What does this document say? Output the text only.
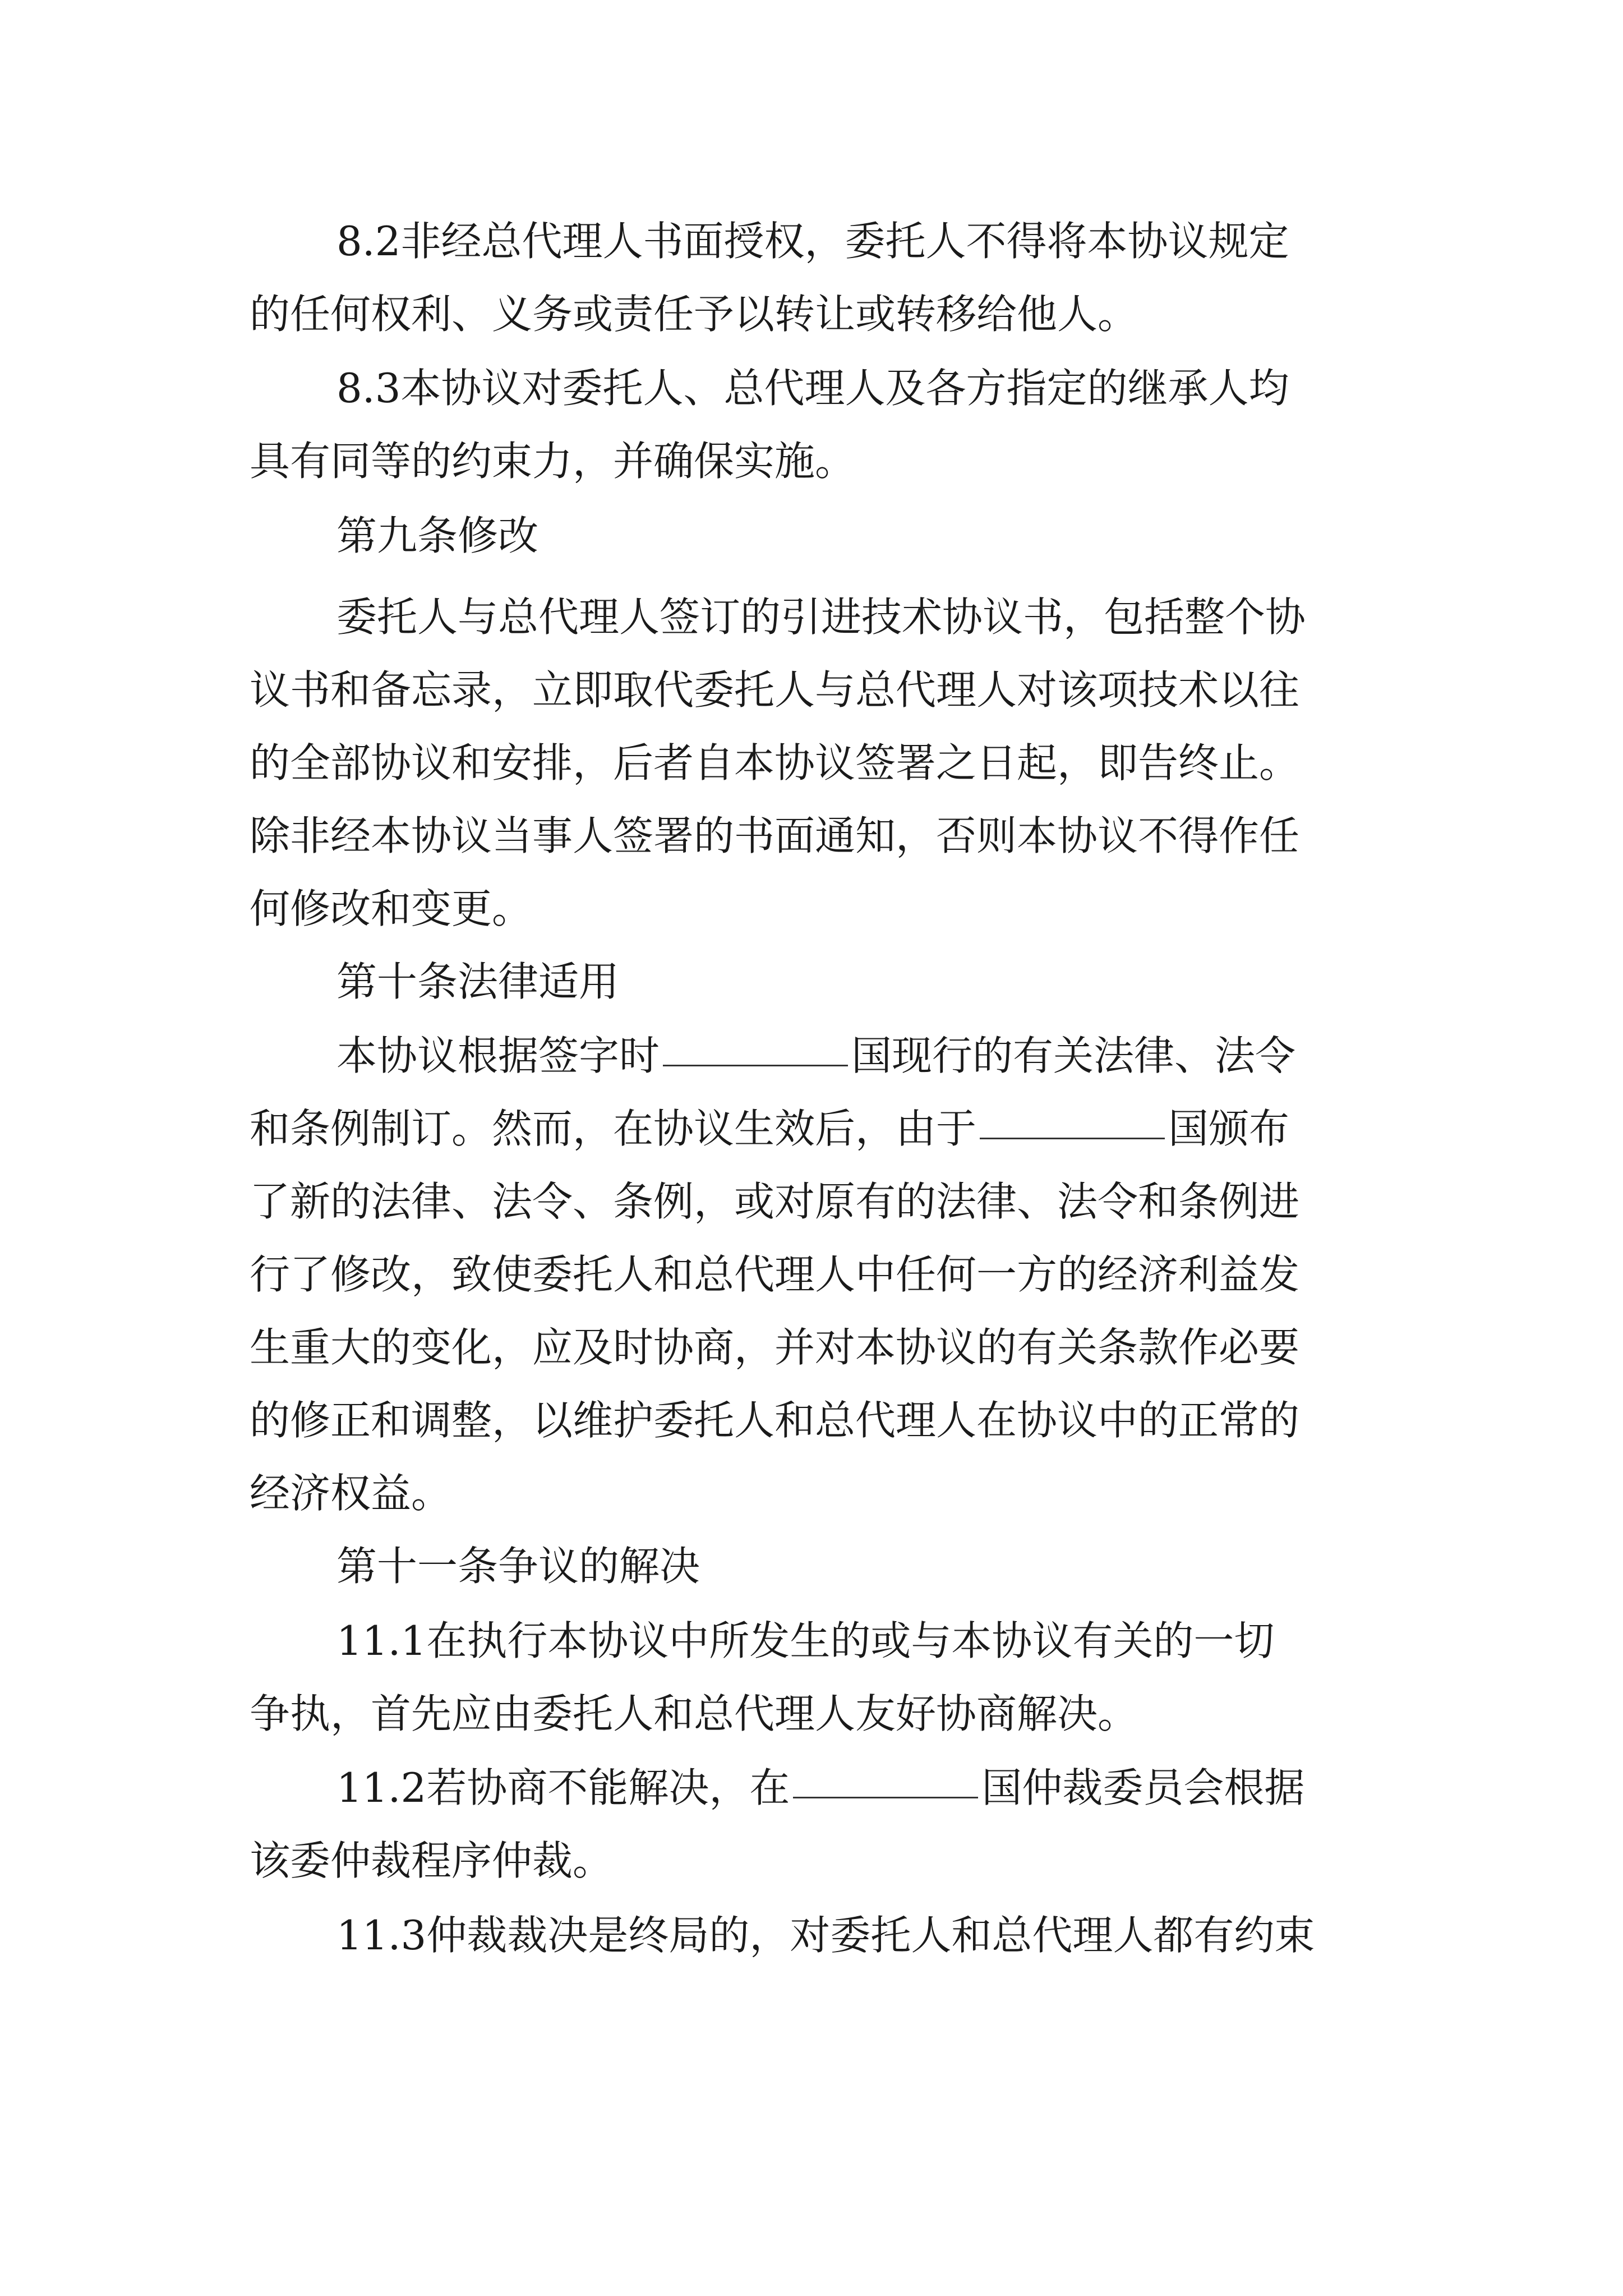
8.2非经总代理人书面授权，委托人不得将本协议规定
的任何权利、义务或责任予以转让或转移给他人。
8.3本协议对委托人、总代理人及各方指定的继承人均
具有同等的约束力，并确保实施。
第九条修改
委托人与总代理人签订的引进技术协议书，包括整个协
议书和备忘录，立即取代委托人与总代理人对该项技术以往
的全部协议和安排，后者自本协议签署之日起，即告终止。
除非经本协议当事人签署的书面通知，否则本协议不得作任
何修改和变更。
第十条法律适用
本协议根据签字时	国现行的有关法律、法令
和条例制订。然而，在协议生效后，由于	国颁布
了新的法律、法令、条例，或对原有的法律、法令和条例进
行了修改，致使委托人和总代理人中任何一方的经济利益发
生重大的变化，应及时协商，并对本协议的有关条款作必要
的修正和调整，以维护委托人和总代理人在协议中的正常的
经济权益。
第十一条争议的解决
11.1在执行本协议中所发生的或与本协议有关的一切
争执，首先应由委托人和总代理人友好协商解决。
11.2若协商不能解决，在	国仲裁委员会根据
该委仲裁程序仲裁。
11.3仲裁裁决是终局的，对委托人和总代理人都有约束
